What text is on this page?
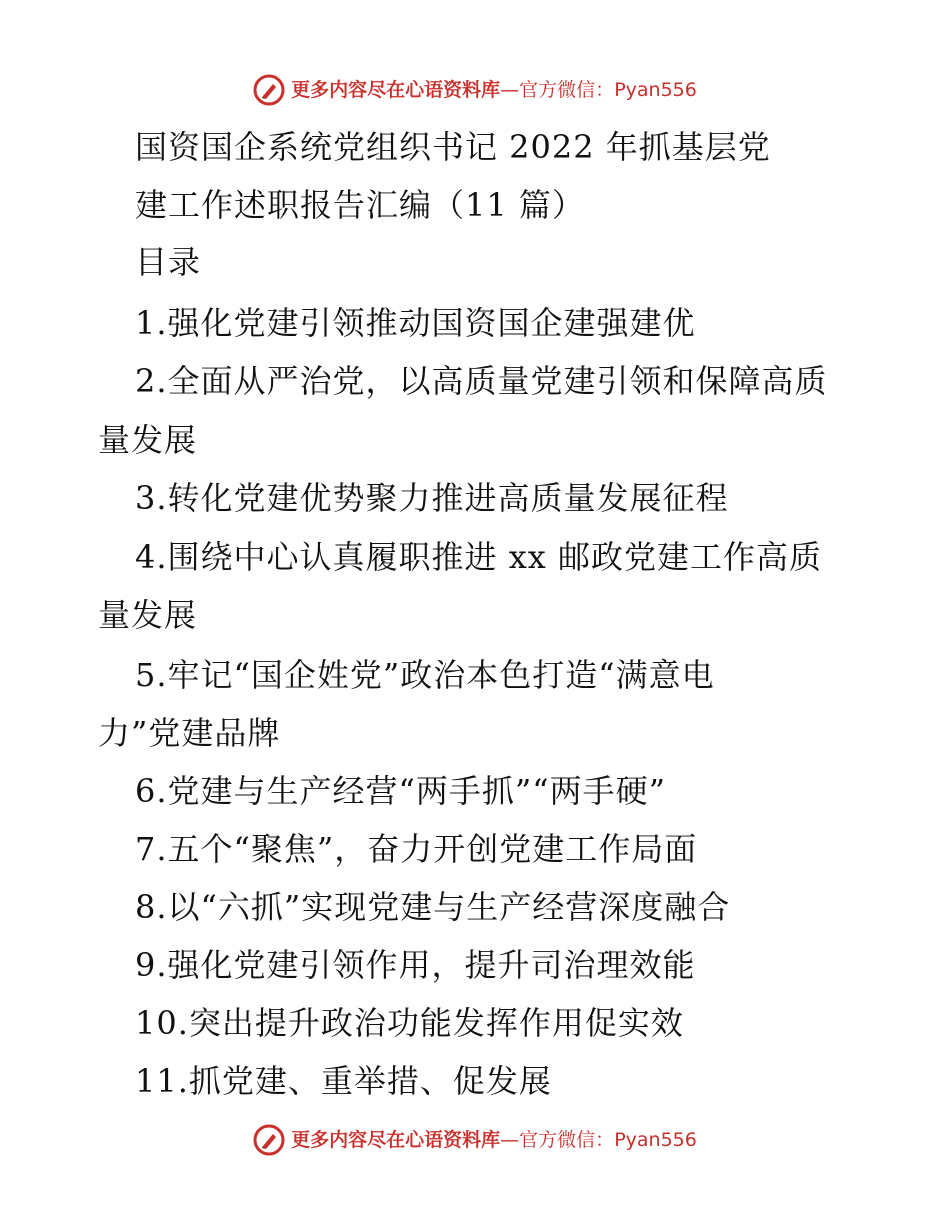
更多内容尽在心语资料库 — 官方微信 ： Pyan556
国资国企系统党组织书记 2022 年抓基层党
建工作述职报告汇编（11 篇）
目录
1.强化党建引领推动国资国企建强建优
2.全面从严治党，以高质量党建引领和保障高质
量发展
3.转化党建优势聚力推进高质量发展征程
4.围绕中心认真履职推进 xx 邮政党建工作高质
量发展
5.牢记“国企姓党”政治本色打造“满意电
力”党建品牌
6.党建与生产经营“两手抓”“两手硬”
7.五个“聚焦”，奋力开创党建工作局面
8.以“六抓”实现党建与生产经营深度融合
9.强化党建引领作用，提升司治理效能
10.突出提升政治功能发挥作用促实效
11.抓党建、重举措、促发展
更多内容尽在心语资料库 — 官方微信 ： Pyan556
